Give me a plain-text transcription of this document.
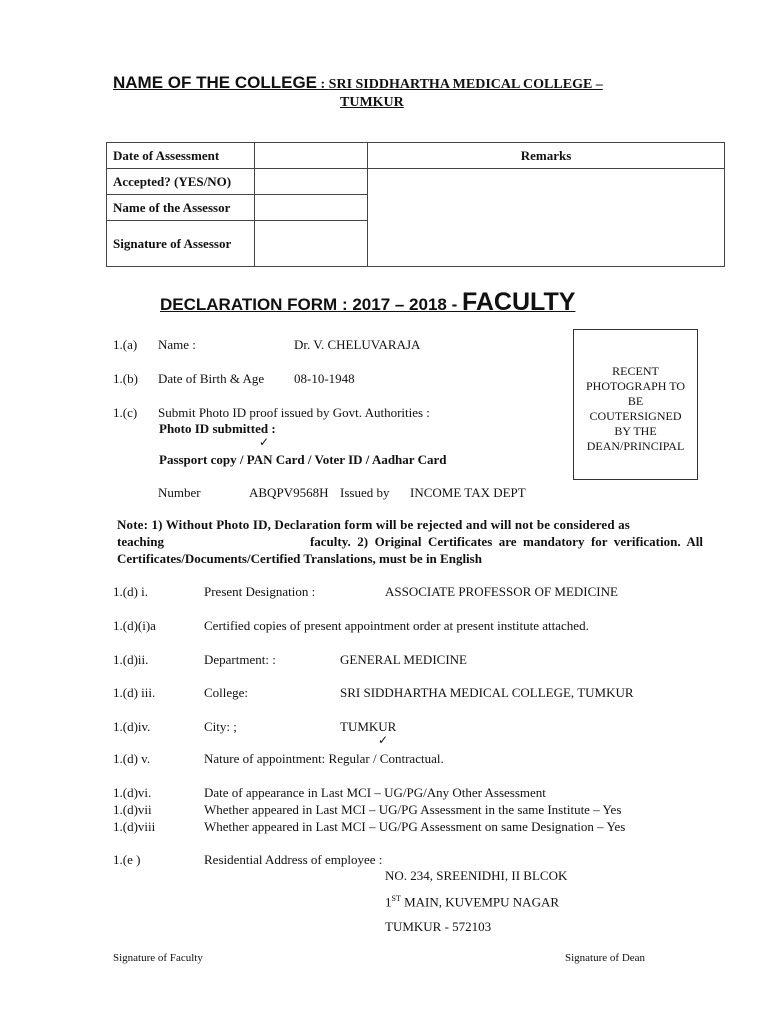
NAME OF THE COLLEGE : SRI SIDDHARTHA MEDICAL COLLEGE –
TUMKUR
Date of Assessment		Remarks
Accepted? (YES/NO)		
Name of the Assessor		
Signature of Assessor		
DECLARATION FORM : 2017 – 2018 - FACULTY
RECENT
PHOTOGRAPH TO
BE
COUTERSIGNED
BY THE
DEAN/PRINCIPAL
1.(a) Name :	Dr. V. CHELUVARAJA
1.(b) Date of Birth & Age 08-10-1948
1.(c) Submit Photo ID proof issued by Govt. Authorities :
Photo ID submitted :
✓
Passport copy / PAN Card / Voter ID / Aadhar Card
Number	ABQPV9568H Issued by INCOME TAX DEPT
Note: 1) Without Photo ID, Declaration form will be rejected and will not be considered as
teaching	faculty.  2)  Original  Certificates  are  mandatory  for  verification.  All
Certificates/Documents/Certified Translations, must be in English
1.(d) i.	Present Designation :	ASSOCIATE PROFESSOR OF MEDICINE
1.(d)(i)a	Certified copies of present appointment order at present institute attached.
1.(d)ii.	Department: :	GENERAL MEDICINE
1.(d) iii.	College:	SRI SIDDHARTHA MEDICAL COLLEGE, TUMKUR
1.(d)iv.	City: ;	TUMKUR
✓
1.(d) v.	Nature of appointment: Regular / Contractual.
1.(d)vi.	Date of appearance in Last MCI – UG/PG/Any Other Assessment
1.(d)vii	Whether appeared in Last MCI – UG/PG Assessment in the same Institute – Yes
1.(d)viii	Whether appeared in Last MCI – UG/PG Assessment on same Designation – Yes
1.(e )	Residential Address of employee :
NO. 234, SREENIDHI, II BLCOK
1ST MAIN, KUVEMPU NAGAR
TUMKUR - 572103
Signature of Faculty	Signature of Dean
